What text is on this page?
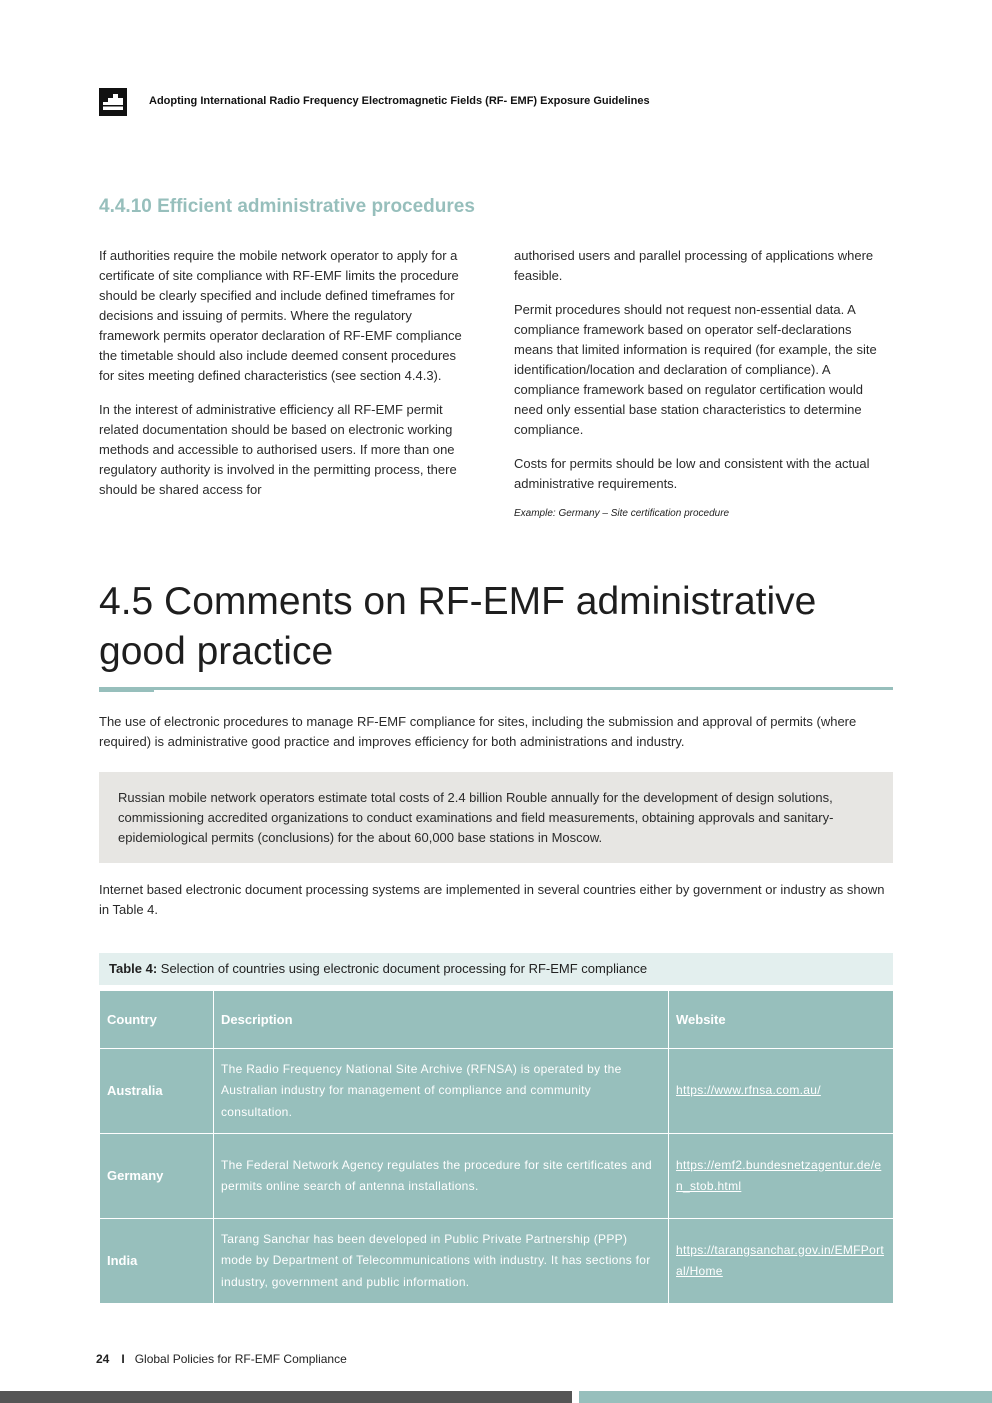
Adopting International Radio Frequency Electromagnetic Fields (RF- EMF) Exposure Guidelines
4.4.10 Efficient administrative procedures

If authorities require the mobile network operator to apply for a certificate of site compliance with RF-EMF limits the procedure should be clearly specified and include defined timeframes for decisions and issuing of permits. Where the regulatory framework permits operator declaration of RF-EMF compliance the timetable should also include deemed consent procedures for sites meeting defined characteristics (see section 4.4.3).

In the interest of administrative efficiency all RF-EMF permit related documentation should be based on electronic working methods and accessible to authorised users. If more than one regulatory authority is involved in the permitting process, there should be shared access for

authorised users and parallel processing of applications where feasible.

Permit procedures should not request non-essential data. A compliance framework based on operator self-declarations means that limited information is required (for example, the site identification/location and declaration of compliance). A compliance framework based on regulator certification would need only essential base station characteristics to determine compliance.

Costs for permits should be low and consistent with the actual administrative requirements.

Example: Germany – Site certification procedure
4.5 Comments on RF-EMF administrative good practice

The use of electronic procedures to manage RF-EMF compliance for sites, including the submission and approval of permits (where required) is administrative good practice and improves efficiency for both administrations and industry.

Russian mobile network operators estimate total costs of 2.4 billion Rouble annually for the development of design solutions, commissioning accredited organizations to conduct examinations and field measurements, obtaining approvals and sanitary-epidemiological permits (conclusions) for the about 60,000 base stations in Moscow.

Internet based electronic document processing systems are implemented in several countries either by government or industry as shown in Table 4.

Table 4: Selection of countries using electronic document processing for RF-EMF compliance
Country	Description	Website
Australia	The Radio Frequency National Site Archive (RFNSA) is operated by the Australian industry for management of compliance and community consultation.	https://www.rfnsa.com.au/
Germany	The Federal Network Agency regulates the procedure for site certificates and permits online search of antenna installations.	https://emf2.bundesnetzagentur.de/en_stob.html
India	Tarang Sanchar has been developed in Public Private Partnership (PPP) mode by Department of Telecommunications with industry. It has sections for industry, government and public information.	https://tarangsanchar.gov.in/EMFPortal/Home
24 I Global Policies for RF-EMF Compliance
